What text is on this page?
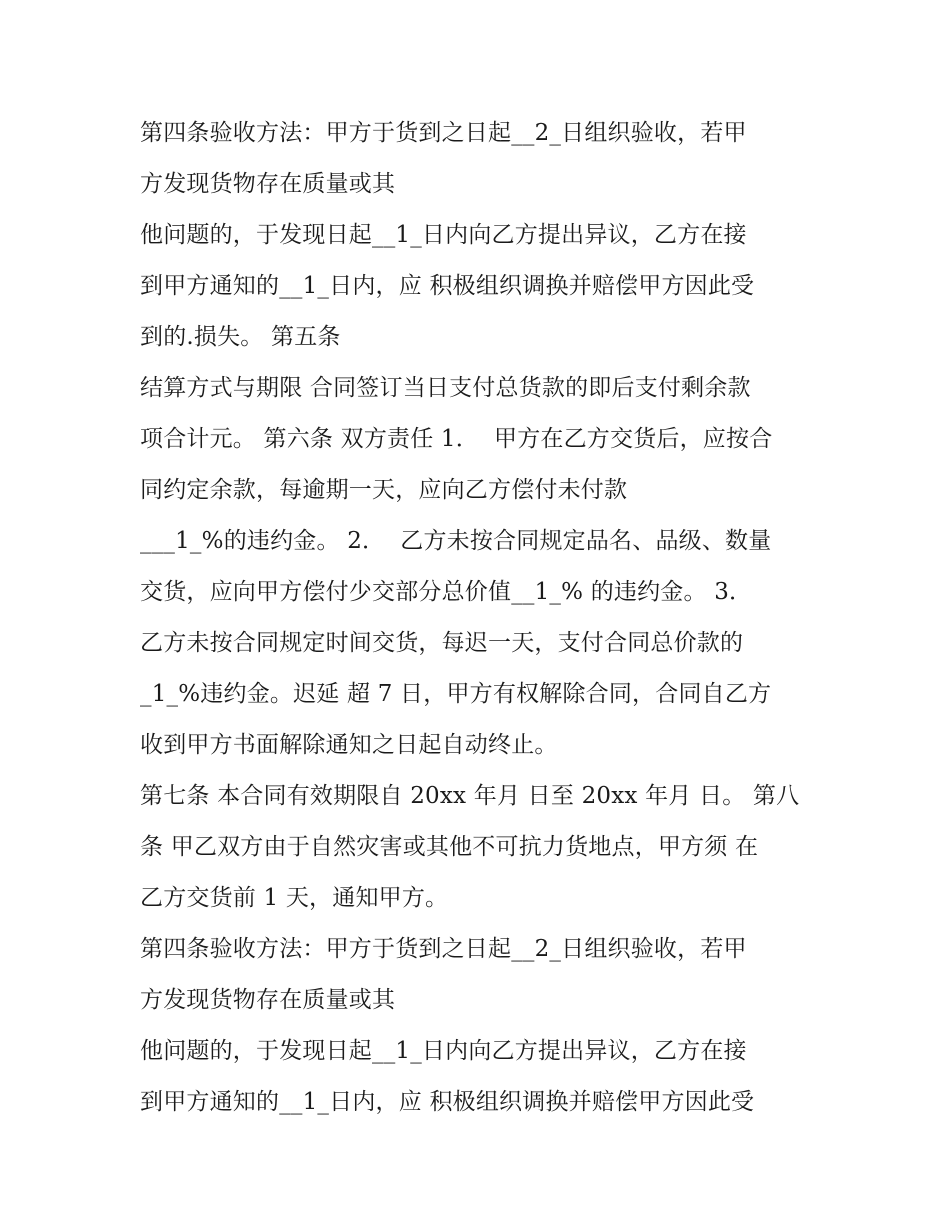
第四条验收方法：甲方于货到之日起__2_日组织验收，若甲
方发现货物存在质量或其
他问题的，于发现日起__1_日内向乙方提出异议，乙方在接
到甲方通知的__1_日内，应 积极组织调换并赔偿甲方因此受
到的.损失。 第五条
结算方式与期限 合同签订当日支付总货款的即后支付剩余款
项合计元。 第六条 双方责任 1．  甲方在乙方交货后，应按合
同约定余款，每逾期一天，应向乙方偿付未付款
___1_%的违约金。 2．  乙方未按合同规定品名、品级、数量
交货，应向甲方偿付少交部分总价值__1_% 的违约金。 3．
乙方未按合同规定时间交货，每迟一天，支付合同总价款的
_1_%违约金。迟延 超 7 日，甲方有权解除合同，合同自乙方
收到甲方书面解除通知之日起自动终止。
第七条 本合同有效期限自 20xx 年月 日至 20xx 年月 日。 第八
条 甲乙双方由于自然灾害或其他不可抗力货地点，甲方须 在
乙方交货前 1 天，通知甲方。
第四条验收方法：甲方于货到之日起__2_日组织验收，若甲
方发现货物存在质量或其
他问题的，于发现日起__1_日内向乙方提出异议，乙方在接
到甲方通知的__1_日内，应 积极组织调换并赔偿甲方因此受
